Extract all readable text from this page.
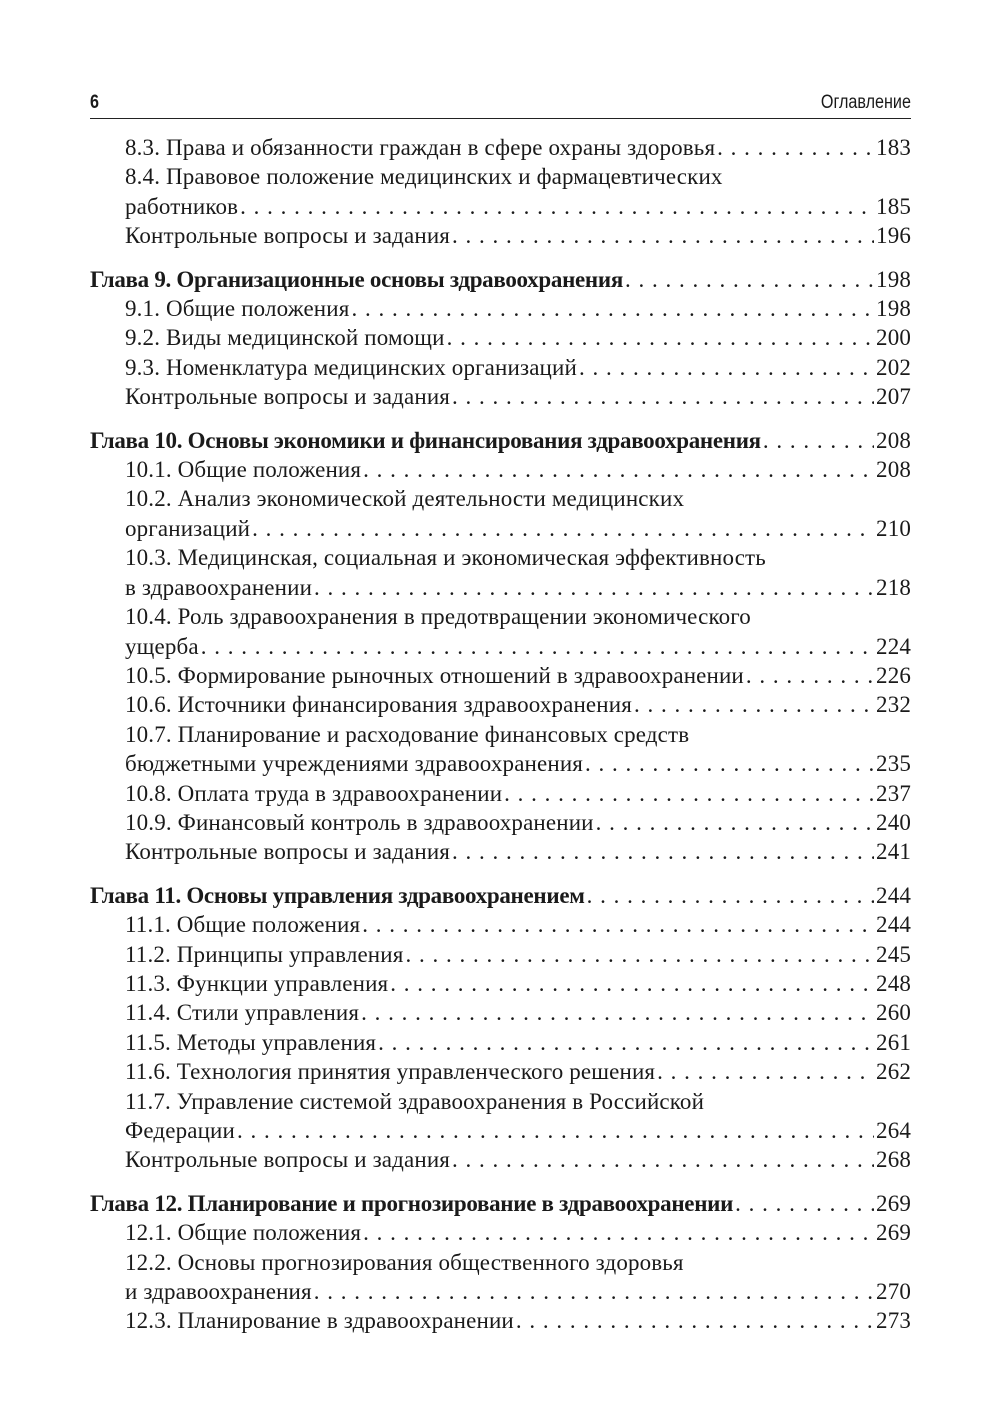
6	Оглавление
8.3. Права и обязанности граждан в сфере охраны здоровья . . .	183
8.4. Правовое положение медицинских и фармацевтических
работников . . .	185
Контрольные вопросы и задания . . .	196
Глава 9. Организационные основы здравоохранения . . .	198
9.1. Общие положения . . .	198
9.2. Виды медицинской помощи . . .	200
9.3. Номенклатура медицинских организаций . . .	202
Контрольные вопросы и задания . . .	207
Глава 10. Основы экономики и финансирования здравоохранения . . .	208
10.1. Общие положения . . .	208
10.2. Анализ экономической деятельности медицинских
организаций . . .	210
10.3. Медицинская, социальная и экономическая эффективность
в здравоохранении . . .	218
10.4. Роль здравоохранения в предотвращении экономического
ущерба . . .	224
10.5. Формирование рыночных отношений в здравоохранении . . .	226
10.6. Источники финансирования здравоохранения . . .	232
10.7. Планирование и расходование финансовых средств
бюджетными учреждениями здравоохранения . . .	235
10.8. Оплата труда в здравоохранении . . .	237
10.9. Финансовый контроль в здравоохранении . . .	240
Контрольные вопросы и задания . . .	241
Глава 11. Основы управления здравоохранением . . .	244
11.1. Общие положения . . .	244
11.2. Принципы управления . . .	245
11.3. Функции управления . . .	248
11.4. Стили управления . . .	260
11.5. Методы управления . . .	261
11.6. Технология принятия управленческого решения . . .	262
11.7. Управление системой здравоохранения в Российской
Федерации . . .	264
Контрольные вопросы и задания . . .	268
Глава 12. Планирование и прогнозирование в здравоохранении . . .	269
12.1. Общие положения . . .	269
12.2. Основы прогнозирования общественного здоровья
и здравоохранения . . .	270
12.3. Планирование в здравоохранении . . .	273
